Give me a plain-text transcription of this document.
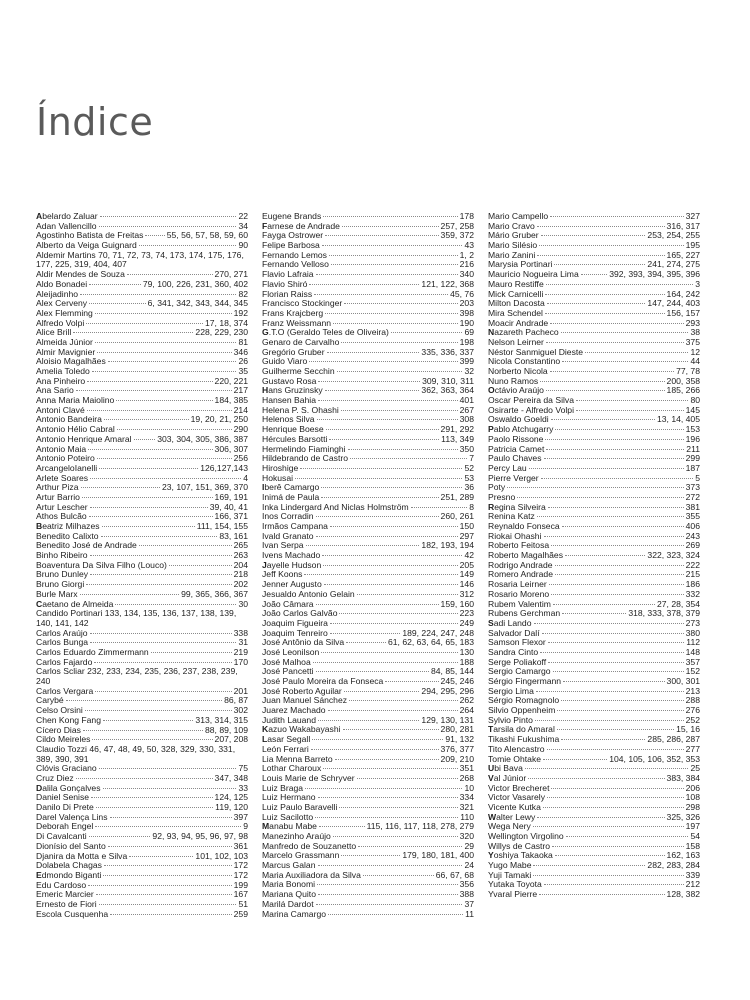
Índice
Abelardo Zaluar	22
Adan Vallencillo	34
Agostinho Batista de Freitas	55, 56, 57, 58, 59, 60
Alberto da Veiga Guignard	90
Aldemir Martins 70, 71, 72, 73, 74, 173, 174, 175, 176, 177, 225, 319, 404, 407
Aldir Mendes de Souza	270, 271
Aldo Bonadei	79, 100, 226, 231, 360, 402
Aleijadinho	82
Alex Cerveny	6, 341, 342, 343, 344, 345
Alex Flemming	192
Alfredo Volpi	17, 18, 374
Alice Brill	228, 229, 230
Almeida Júnior	81
Almir Mavignier	346
Aloisio Magalhães	26
Amelia Toledo	35
Ana Pinheiro	220, 221
Ana Sario	217
Anna Maria Maiolino	184, 385
Antoni Clavé	214
Antonio Bandeira	19, 20, 21, 250
Antonio Hélio Cabral	290
Antonio Henrique Amaral	303, 304, 305, 386, 387
Antonio Maia	306, 307
Antonio Poteiro	256
ArcangeloIanelli	126,127,143
Arlete Soares	4
Arthur Piza	23, 107, 151, 369, 370
Artur Barrio	169, 191
Artur Lescher	39, 40, 41
Athos Bulcão	166, 371
Beatriz Milhazes	111, 154, 155
Benedito Calixto	83, 161
Benedito José de Andrade	265
Binho Ribeiro	263
Boaventura Da Silva Filho (Louco)	204
Bruno Dunley	218
Bruno Giorgi	202
Burle Marx	99, 365, 366, 367
Caetano de Almeida	30
Candido Portinari 133, 134, 135, 136, 137, 138, 139, 140, 141, 142
Carlos Araújo	338
Carlos Bunga	31
Carlos Eduardo Zimmermann	219
Carlos Fajardo	170
Carlos Scliar 232, 233, 234, 235, 236, 237, 238, 239, 240
Carlos Vergara	201
Carybé	86, 87
Celso Orsini	302
Chen Kong Fang	313, 314, 315
Cícero Dias	88, 89, 109
Cildo Meireles	207, 208
Claudio Tozzi 46, 47, 48, 49, 50, 328, 329, 330, 331, 389, 390, 391
Clóvis Graciano	75
Cruz Diez	347, 348
Dalila Gonçalves	33
Daniel Senise	124, 125
Danilo Di Prete	119, 120
Darel Valença Lins	397
Deborah Engel	9
Di Cavalcanti	92, 93, 94, 95, 96, 97, 98
Dionísio del Santo	361
Djanira da Motta e Silva	101, 102, 103
Dolabela Chagas	172
Edmondo Biganti	172
Edu Cardoso	199
Emeric Marcier	167
Ernesto de Fiori	51
Escola Cusquenha	259
Eugene Brands	178
Farnese de Andrade	257, 258
Fayga Ostrower	359, 372
Felipe Barbosa	43
Fernando Lemos	1, 2
Fernando Velloso	216
Flavio Lafraia	340
Flavio Shiró	121, 122, 368
Florian Raiss	45, 76
Francisco Stockinger	203
Frans Krajcberg	398
Franz Weissmann	190
G.T.O (Geraldo Teles de Oliveira)	69
Genaro de Carvalho	198
Gregório Gruber	335, 336, 337
Guido Viaro	399
Guilherme Secchin	32
Gustavo Rosa	309, 310, 311
Hans Gruzinsky	362, 363, 364
Hansen Bahia	401
Helena P. S. Ohashi	267
Helenos Silva	308
Henrique Boese	291, 292
Hércules Barsotti	113, 349
Hermelindo Fiaminghi	350
Hildebrando de Castro	7
Hiroshige	52
Hokusai	53
Iberê Camargo	36
Inimá de Paula	251, 289
Inka Lindergard And Niclas Holmström	8
Inos Corradin	260, 261
Irmãos Campana	150
Ivald Granato	297
Ivan Serpa	182, 193, 194
Ivens Machado	42
Jayelle Hudson	205
Jeff Koons	149
Jenner Augusto	146
Jesualdo Antonio Gelain	312
João Câmara	159, 160
João Carlos Galvão	223
Joaquim Figueira	249
Joaquim Tenreiro	189, 224, 247, 248
José Antônio da Silva	61, 62, 63, 64, 65, 183
José Leonilson	130
José Malhoa	188
José Pancetti	84, 85, 144
José Paulo Moreira da Fonseca	245, 246
José Roberto Aguilar	294, 295, 296
Juan Manuel Sánchez	262
Juarez Machado	264
Judith Lauand	129, 130, 131
Kazuo Wakabayashi	280, 281
Lasar Segall	91, 132
León Ferrari	376, 377
Lia Menna Barreto	209, 210
Lothar Charoux	351
Louis Marie de Schryver	268
Luiz Braga	10
Luiz Hermano	334
Luiz Paulo Baravelli	321
Luiz Sacilotto	110
Manabu Mabe	115, 116, 117, 118, 278, 279
Manezinho Araújo	320
Manfredo de Souzanetto	29
Marcelo Grassmann	179, 180, 181, 400
Marcus Galan	24
Maria Auxiliadora da Silva	66, 67, 68
Maria Bonomi	356
Mariana Quito	388
Marilá Dardot	37
Marina Camargo	11
Mario Campello	327
Mario Cravo	316, 317
Mário Gruber	253, 254, 255
Mario Silésio	195
Mario Zanini	165, 227
Marysia Portinari	241, 274, 275
Mauricio Nogueira Lima	392, 393, 394, 395, 396
Mauro Restiffe	3
Mick Carnicelli	164, 242
Milton Dacosta	147, 244, 403
Mira Schendel	156, 157
Moacir Andrade	293
Nazareth Pacheco	38
Nelson Leirner	375
Néstor Sanmiguel Dieste	12
Nicola Constantino	44
Norberto Nicola	77, 78
Nuno Ramos	200, 358
Octávio Araújo	185, 266
Oscar Pereira da Silva	80
Osirarte - Alfredo Volpi	145
Oswaldo Goeldi	13, 14, 405
Pablo Atchugarry	153
Paolo Rissone	196
Patricia Camet	211
Paulo Chaves	299
Percy Lau	187
Pierre Verger	5
Poty	373
Presno	272
Regina Silveira	381
Renina Katz	355
Reynaldo Fonseca	406
Riokai Ohashi	243
Roberto Feitosa	269
Roberto Magalhães	322, 323, 324
Rodrigo Andrade	222
Romero Andrade	215
Rosaria Leirner	186
Rosario Moreno	332
Rubem Valentim	27, 28, 354
Rubens Gerchman	318, 333, 378, 379
Sadi Lando	273
Salvador Dalí	380
Samson Flexor	112
Sandra Cinto	148
Serge Poliakoff	357
Sergio Camargo	152
Sérgio Fingermann	300, 301
Sergio Lima	213
Sérgio Romagnolo	288
Silvio Oppenheim	276
Sylvio Pinto	252
Tarsila do Amaral	15, 16
Tikashi Fukushima	285, 286, 287
Tito Alencastro	277
Tomie Ohtake	104, 105, 106, 352, 353
Ubi Bava	25
Val Júnior	383, 384
Victor Brecheret	206
Victor Vasarely	108
Vicente Kutka	298
Walter Lewy	325, 326
Wega Nery	197
Wellington Virgolino	54
Willys de Castro	158
Yoshiya Takaoka	162, 163
Yugo Mabe	282, 283, 284
Yuji Tamaki	339
Yutaka Toyota	212
Yvaral Pierre	128, 382
